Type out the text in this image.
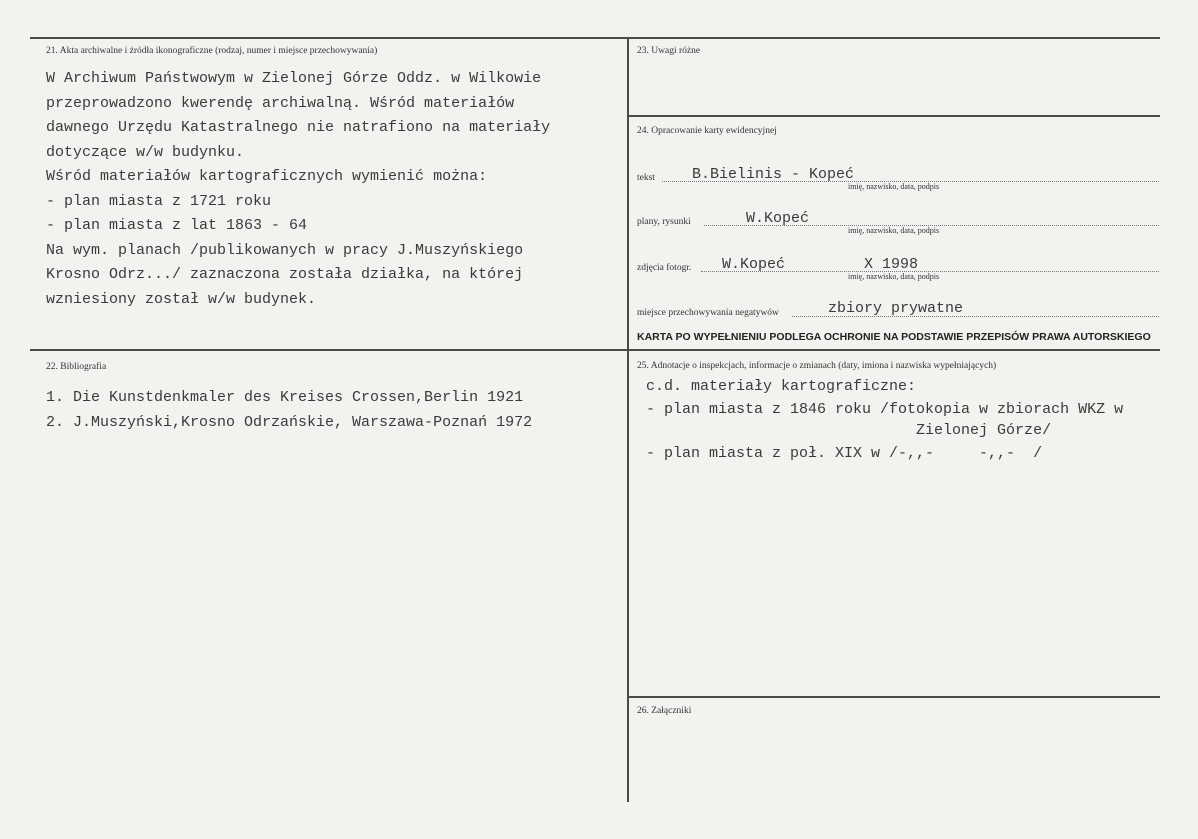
21. Akta archiwalne i źródła ikonograficzne (rodzaj, numer i miejsce przechowywania)
W Archiwum Państwowym w Zielonej Górze Oddz. w Wilkowie
przeprowadzono kwerendę archiwalną. Wśród materiałów
dawnego Urzędu Katastralnego nie natrafiono na materiały
dotyczące w/w budynku.
Wśród materiałów kartograficznych wymienić można:
- plan miasta z 1721 roku
- plan miasta z lat 1863 - 64
Na wym. planach /publikowanych w pracy J.Muszyńskiego
Krosno Odrz.../ zaznaczona została działka, na której
wzniesiony został w/w budynek.
23. Uwagi różne
24. Opracowanie karty ewidencyjnej
tekst B.Bielinis - Kopeć
imię, nazwisko, data, podpis
plany, rysunki	W.Kopeć
imię, nazwisko, data, podpis
zdjęcia fotogr. W.Kopeć	X 1998
imię, nazwisko, data, podpis
miejsce przechowywania negatywów	zbiory prywatne
KARTA PO WYPEŁNIENIU PODLEGA OCHRONIE NA PODSTAWIE PRZEPISÓW PRAWA AUTORSKIEGO
22. Bibliografia
1. Die Kunstdenkmaler des Kreises Crossen,Berlin 1921
2. J.Muszyński,Krosno Odrzańskie, Warszawa-Poznań 1972
25. Adnotacje o inspekcjach, informacje o zmianach (daty, imiona i nazwiska wypełniających)
c.d. materiały kartograficzne:
- plan miasta z 1846 roku /fotokopia w zbiorach WKZ w
Zielonej Górze/
- plan miasta z poł. XIX w /-,,-     -,,-  /
26. Załączniki
